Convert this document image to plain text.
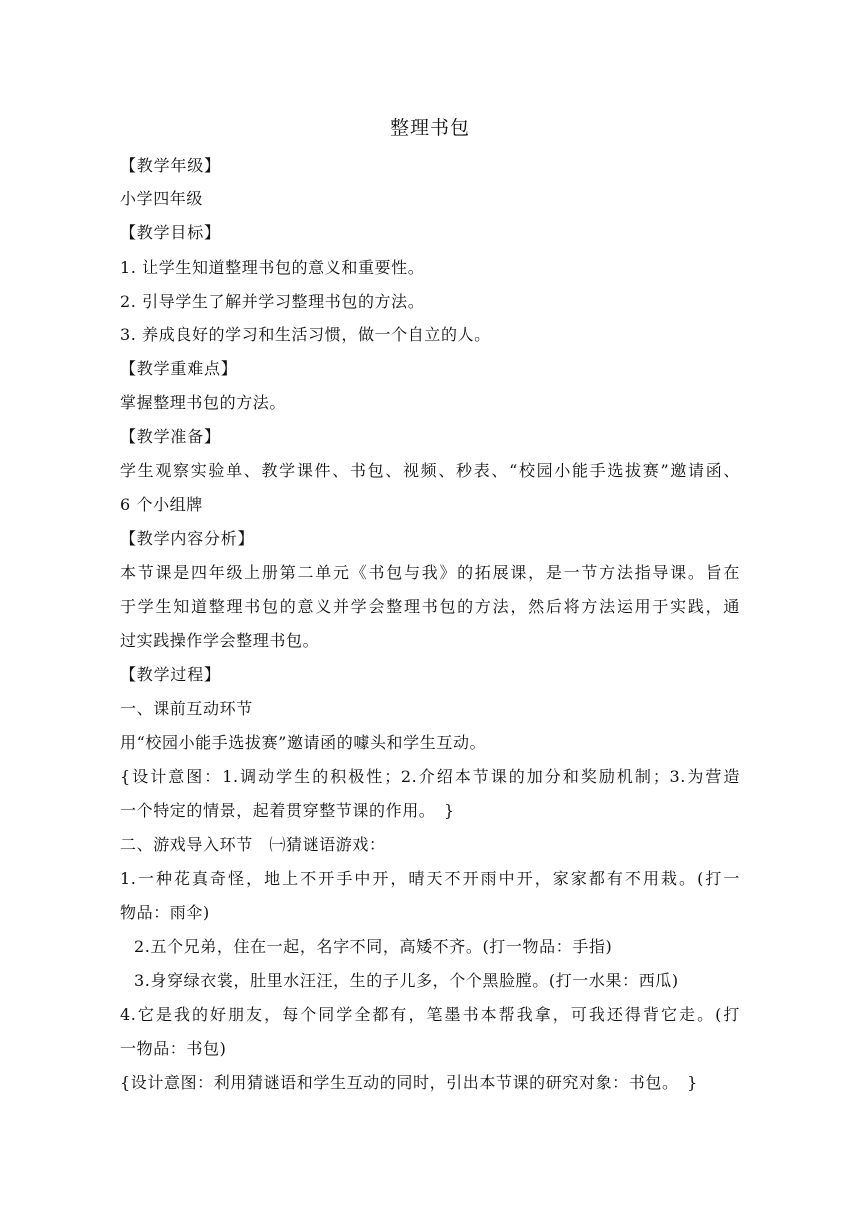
整理书包
【教学年级】
小学四年级
【教学目标】
1. 让学生知道整理书包的意义和重要性。
2. 引导学生了解并学习整理书包的方法。
3. 养成良好的学习和生活习惯，做一个自立的人。
【教学重难点】
掌握整理书包的方法。
【教学准备】
学生观察实验单、教学课件、书包、视频、秒表、“校园小能手选拔赛”邀请函、
6 个小组牌
【教学内容分析】
本节课是四年级上册第二单元《书包与我》的拓展课，是一节方法指导课。旨在
于学生知道整理书包的意义并学会整理书包的方法，然后将方法运用于实践，通
过实践操作学会整理书包。
【教学过程】
一、课前互动环节
用“校园小能手选拔赛”邀请函的噱头和学生互动。
{设计意图：1.调动学生的积极性；2.介绍本节课的加分和奖励机制；3.为营造
一个特定的情景，起着贯穿整节课的作用。　}
二、游戏导入环节　㈠猜谜语游戏：
1.一种花真奇怪，地上不开手中开，晴天不开雨中开，家家都有不用栽。(打一
物品：雨伞)
2.五个兄弟，住在一起，名字不同，高矮不齐。(打一物品：手指)
3.身穿绿衣裳，肚里水汪汪，生的子儿多，个个黑脸膛。(打一水果：西瓜)
4.它是我的好朋友，每个同学全都有，笔墨书本帮我拿，可我还得背它走。(打
一物品：书包)
{设计意图：利用猜谜语和学生互动的同时，引出本节课的研究对象：书包。　}
